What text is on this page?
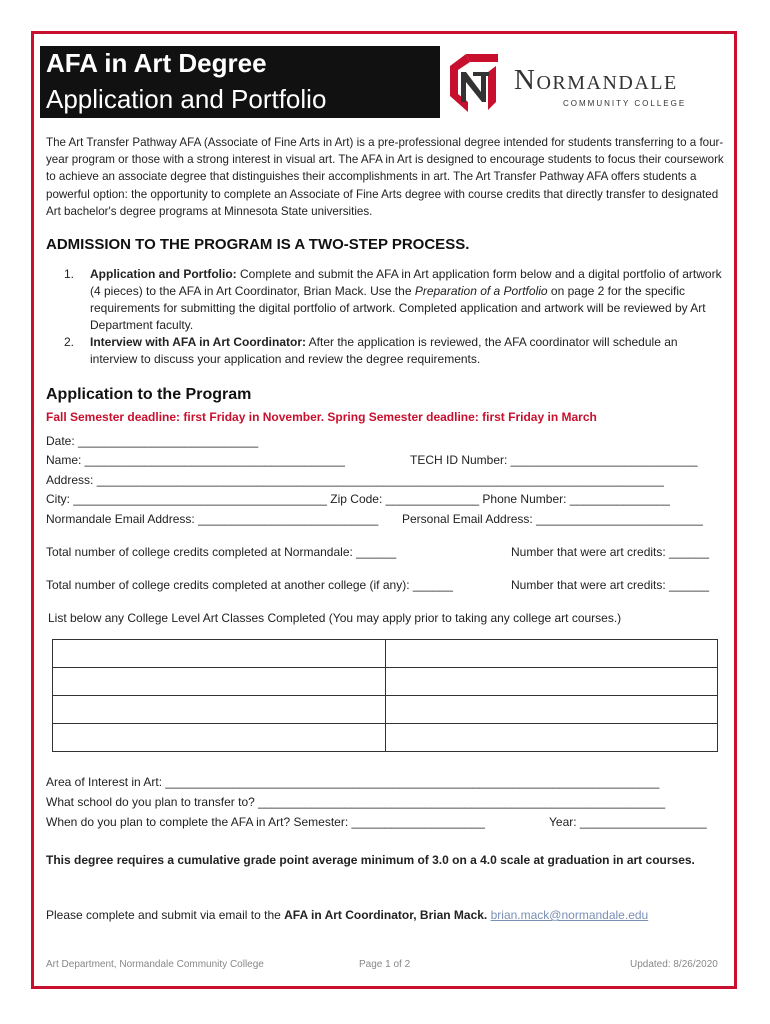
AFA in Art Degree
Application and Portfolio
Normandale
COMMUNITY COLLEGE
The Art Transfer Pathway AFA (Associate of Fine Arts in Art) is a pre-professional degree intended for students transferring to a four-year program or those with a strong interest in visual art. The AFA in Art is designed to encourage students to focus their coursework to achieve an associate degree that distinguishes their accomplishments in art. The Art Transfer Pathway AFA offers students a powerful option: the opportunity to complete an Associate of Fine Arts degree with course credits that directly transfer to designated Art bachelor's degree programs at Minnesota State universities.
ADMISSION TO THE PROGRAM IS A TWO-STEP PROCESS.
1. Application and Portfolio: Complete and submit the AFA in Art application form below and a digital portfolio of artwork (4 pieces) to the AFA in Art Coordinator, Brian Mack. Use the Preparation of a Portfolio on page 2 for the specific requirements for submitting the digital portfolio of artwork. Completed application and artwork will be reviewed by Art Department faculty.
2. Interview with AFA in Art Coordinator: After the application is reviewed, the AFA coordinator will schedule an interview to discuss your application and review the degree requirements.
Application to the Program
Fall Semester deadline: first Friday in November. Spring Semester deadline: first Friday in March
Date: ___________________________
Name: _______________________________________	TECH ID Number: ____________________________
Address: _____________________________________________________________________________________
City: ______________________________________ Zip Code: ______________ Phone Number: _______________
Normandale Email Address: ___________________________ Personal Email Address: _________________________
Total number of college credits completed at Normandale: ______	Number that were art credits: ______
Total number of college credits completed at another college (if any): ______	Number that were art credits: ______
List below any College Level Art Classes Completed (You may apply prior to taking any college art courses.)

Area of Interest in Art: __________________________________________________________________________
What school do you plan to transfer to? _____________________________________________________________
When do you plan to complete the AFA in Art? Semester: ____________________	Year: ___________________
This degree requires a cumulative grade point average minimum of 3.0 on a 4.0 scale at graduation in art courses.
Please complete and submit via email to the AFA in Art Coordinator, Brian Mack. brian.mack@normandale.edu
Art Department, Normandale Community College	Page 1 of 2	Updated: 8/26/2020
